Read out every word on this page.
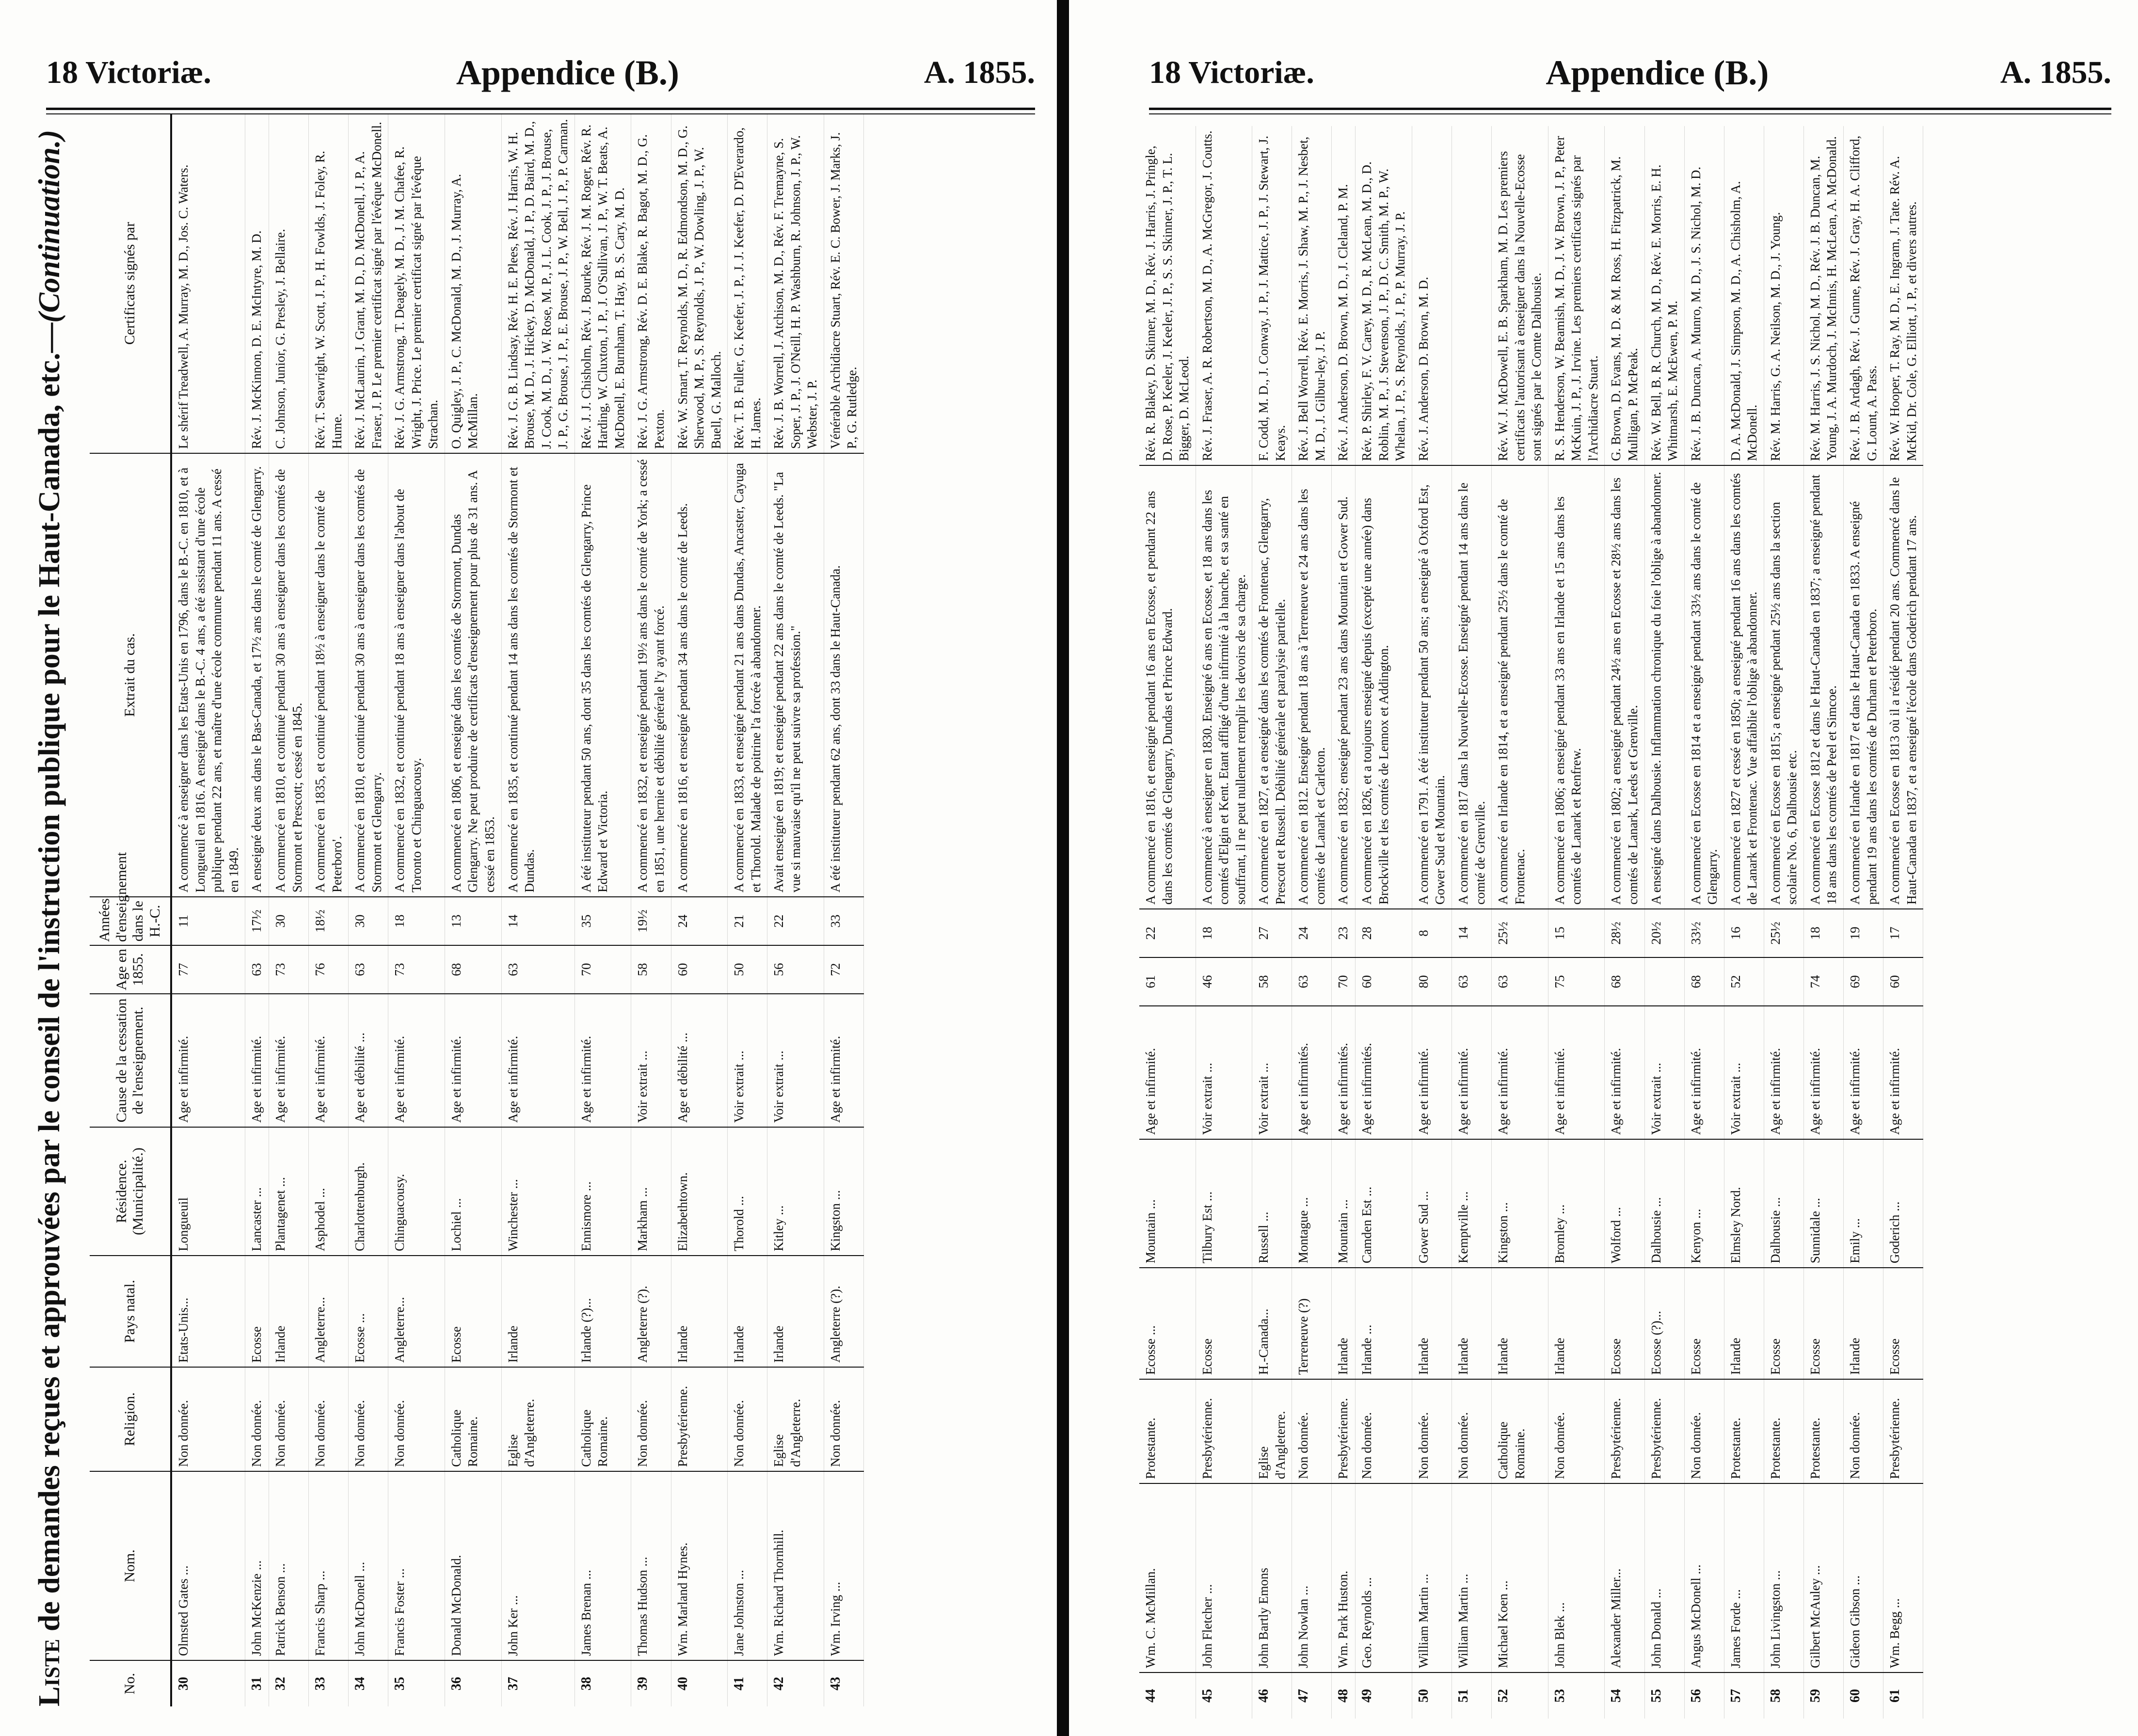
18 Victoriæ.	Appendice (B.)	A. 1855.
Liste de demandes reçues et approuvées par le conseil de l'instruction publique pour le Haut-Canada, etc.—(Continuation.)
No.	Nom.	Religion.	Pays natal.	Résidence. (Municipalité.)	Cause de la cessation de l'enseignement.	Age en 1855.	Années d'enseignement dans le H.-C.	Extrait du cas.	Certificats signés par
30	Olmsted Gates ...	Non donnée.	Etats-Unis...	Longueuil	Age et infirmité.	77	11	A commencé à enseigner dans les Etats-Unis en 1796, dans le B.-C. en 1810, et à Longueuil en 1816. A enseigné dans le B.-C. 4 ans, a été assistant d'une école publique pendant 22 ans, et maître d'une école commune pendant 11 ans. A cessé en 1849.	Le shérif Treadwell, A. Murray, M. D., Jos. C. Waters.
31	John McKenzie ...	Non donnée.	Ecosse	Lancaster ...	Age et infirmité.	63	17½	A enseigné deux ans dans le Bas-Canada, et 17½ ans dans le comté de Glengarry.	Rév. J. McKinnon, D. E. McIntyre, M. D.
32	Patrick Benson ...	Non donnée.	Irlande	Plantagenet ...	Age et infirmité.	73	30	A commencé en 1810, et continué pendant 30 ans à enseigner dans les comtés de Stormont et Prescott; cessé en 1845.	C. Johnson, Junior, G. Presley, J. Bellaire.
33	Francis Sharp ...	Non donnée.	Angleterre...	Asphodel ...	Age et infirmité.	76	18½	A commencé en 1835, et continué pendant 18½ à enseigner dans le comté de Peterboro'.	Rév. T. Seawright, W. Scott, J. P., H. Fowlds, J. Foley, R. Hume.
34	John McDonell ...	Non donnée.	Ecosse ...	Charlottenburgh.	Age et débilité ...	63	30	A commencé en 1810, et continué pendant 30 ans à enseigner dans les comtés de Stormont et Glengarry.	Rév. J. McLaurin, J. Grant, M. D., D. McDonell, J. P., A. Fraser, J. P. Le premier certificat signé par l'évêque McDonell.
35	Francis Foster ...	Non donnée.	Angleterre...	Chinguacousy.	Age et infirmité.	73	18	A commencé en 1832, et continué pendant 18 ans à enseigner dans l'about de Toronto et Chinguacousy.	Rév. J. G. Armstrong, T. Deagely, M. D., J. M. Chafee, R. Wright, J. Price. Le premier certificat signé par l'évêque Strachan.
36	Donald McDonald.	Catholique Romaine.	Ecosse	Lochiel ...	Age et infirmité.	68	13	A commencé en 1806, et enseigné dans les comtés de Stormont, Dundas Glengarry. Ne peut produire de certificats d'enseignement pour plus de 31 ans. A cessé en 1853.	O. Quigley, J. P., C. McDonald, M. D., J. Murray, A. McMillan.
37	John Ker ...	Eglise d'Angleterre.	Irlande	Winchester ...	Age et infirmité.	63	14	A commencé en 1835, et continué pendant 14 ans dans les comtés de Stormont et Dundas.	Rév. J. G. B. Lindsay, Rév. H. E. Plees, Rév. J. Harris, W. H. Brouse, M. D., J. Hickey, D. McDonald, J. P., D. Baird, M. D., J. Cook, M. D., J. W. Rose, M. P., J. L. Cook, J. P., J. Brouse, J. P., G. Brouse, J. P., E. Brouse, J. P., W. Bell, J. P., P. Carman.
38	James Brenan ...	Catholique Romaine.	Irlande (?)...	Ennismore ...	Age et infirmité.	70	35	A été instituteur pendant 50 ans, dont 35 dans les comtés de Glengarry, Prince Edward et Victoria.	Rév. J. J. Chisholm, Rév. J. Bourke, Rév. J. M. Roger, Rév. R. Harding, W. Cluxton, J. P., J. O'Sullivan, J. P., W. T. Beats, A. McDonell, E. Burnham, T. Hay, B. S. Cary, M. D.
39	Thomas Hudson ...	Non donnée.	Angleterre (?).	Markham ...	Voir extrait ...	58	19½	A commencé en 1832, et enseigné pendant 19½ ans dans le comté de York; a cessé en 1851, une hernie et débilité générale l'y ayant forcé.	Rév. J. G. Armstrong, Rév. D. E. Blake, R. Bagot, M. D., G. Pexton.
40	Wm. Marland Hynes.	Presbytérienne.	Irlande	Elizabethtown.	Age et débilité ...	60	24	A commencé en 1816, et enseigné pendant 34 ans dans le comté de Leeds.	Rév. W. Smart, T. Reynolds, M. D., R. Edmondson, M. D., G. Sherwood, M. P., S. Reynolds, J. P., W. Dowling, J. P., W. Buell, G. Malloch.
41	Jane Johnston ...	Non donnée.	Irlande	Thorold ...	Voir extrait ...	50	21	A commencé en 1833, et enseigné pendant 21 ans dans Dundas, Ancaster, Cayuga et Thorold. Malade de poitrine l'a forcée à abandonner.	Rév. T. B. Fuller, G. Keefer, J. P., J. J. Keefer, D. D'Everardo, H. James.
42	Wm. Richard Thornhill.	Eglise d'Angleterre.	Irlande	Kitley ...	Voir extrait ...	56	22	Avait enseigné en 1819; et enseigné pendant 22 ans dans le comté de Leeds. "La vue si mauvaise qu'il ne peut suivre sa profession."	Rév. J. B. Worrell, J. Atchison, M. D., Rév. F. Tremayne, S. Soper, J. P., J. O'Neill, H. P. Washburn, R. Johnson, J. P., W. Webster, J. P.
43	Wm. Irving ...	Non donnée.	Angleterre (?).	Kingston ...	Age et infirmité.	72	33	A été instituteur pendant 62 ans, dont 33 dans le Haut-Canada.	Vénérable Archidiacre Stuart, Rév. E. C. Bower, J. Marks, J. P., G. Rutledge.
18 Victoriæ.	Appendice (B.)	A. 1855.
44	Wm. C. McMillan.	Protestante.	Ecosse ...	Mountain ...	Age et infirmité.	61	22	A commencé en 1816, et enseigné pendant 16 ans en Ecosse, et pendant 22 ans dans les comtés de Glengarry, Dundas et Prince Edward.	Rév. R. Blakey, D. Skinner, M. D., Rév. J. Harris, J. Pringle, D. Rose, P. Keeler, J. Keeler, J. P., S. S. Skinner, J. P., T. L. Bigger, D. McLeod.
45	John Fletcher ...	Presbytérienne.	Ecosse	Tilbury Est ...	Voir extrait ...	46	18	A commencé à enseigner en 1830. Enseigné 6 ans en Ecosse, et 18 ans dans les comtés d'Elgin et Kent. Etant affligé d'une infirmité à la hanche, et sa santé en souffrant, il ne peut nullement remplir les devoirs de sa charge.	Rév. J. Fraser, A. R. Robertson, M. D., A. McGregor, J. Coutts.
46	John Bartly Emons	Eglise d'Angleterre.	H.-Canada...	Russell ...	Voir extrait ...	58	27	A commencé en 1827, et a enseigné dans les comtés de Frontenac, Glengarry, Prescott et Russell. Débilité générale et paralysie partielle.	F. Codd, M. D., J. Conway, J. P., J. Mattice, J. P., J. Stewart, J. Keays.
47	John Nowlan ...	Non donnée.	Terreneuve (?)	Montague ...	Age et infirmités.	63	24	A commencé en 1812. Enseigné pendant 18 ans à Terreneuve et 24 ans dans les comtés de Lanark et Carleton.	Rév. J. Bell Worrell, Rév. E. Morris, J. Shaw, M. P., J. Nesbet, M. D., J. Gilbur-ley, J. P.
48	Wm. Park Huston.	Presbytérienne.	Irlande	Mountain ...	Age et infirmités.	70	23	A commencé en 1832; enseigné pendant 23 ans dans Mountain et Gower Sud.	Rév. J. Anderson, D. Brown, M. D., J. Cleland, P. M.
49	Geo. Reynolds ...	Non donnée.	Irlande ...	Camden Est ...	Age et infirmités.	60	28	A commencé en 1826, et a toujours enseigné depuis (excepté une année) dans Brockville et les comtés de Lennox et Addington.	Rév. P. Shirley, F. V. Carey, M. D., R. McLean, M. D., D. Roblin, M. P., J. Stevenson, J. P., D. C. Smith, M. P., W. Whelan, J. P., S. Reynolds, J. P., P. Murray, J. P.
50	William Martin ...	Non donnée.	Irlande	Gower Sud ...	Age et infirmité.	80	8	A commencé en 1791. A été instituteur pendant 50 ans; a enseigné à Oxford Est, Gower Sud et Mountain.	Rév. J. Anderson, D. Brown, M. D.
51	William Martin ...	Non donnée.	Irlande	Kemptville ...	Age et infirmité.	63	14	A commencé en 1817 dans la Nouvelle-Ecosse. Enseigné pendant 14 ans dans le comté de Grenville.	
52	Michael Koen ...	Catholique Romaine.	Irlande	Kingston ...	Age et infirmité.	63	25½	A commencé en Irlande en 1814, et a enseigné pendant 25½ dans le comté de Frontenac.	Rév. W. J. McDowell, E. B. Sparkham, M. D. Les premiers certificats l'autorisant à enseigner dans la Nouvelle-Ecosse sont signés par le Comte Dalhousie.
53	John Blek ...	Non donnée.	Irlande	Bromley ...	Age et infirmité.	75	15	A commencé en 1806; a enseigné pendant 33 ans en Irlande et 15 ans dans les comtés de Lanark et Renfrew.	R. S. Henderson, W. Beamish, M. D., J. W. Brown, J. P., Peter McKuin, J. P., J. Irvine. Les premiers certificats signés par l'Archidiacre Stuart.
54	Alexander Miller...	Presbytérienne.	Ecosse	Wolford ...	Age et infirmité.	68	28½	A commencé en 1802; a enseigné pendant 24½ ans en Ecosse et 28½ ans dans les comtés de Lanark, Leeds et Grenville.	G. Brown, D. Evans, M. D. & M. Ross, H. Fitzpatrick, M. Mulligan, P. McPeak.
55	John Donald ...	Presbytérienne.	Ecosse (?)...	Dalhousie ...	Voir extrait ...		20½	A enseigné dans Dalhousie. Inflammation chronique du foie l'oblige à abandonner.	Rév. W. Bell, B. R. Church, M. D., Rév. E. Morris, E. H. Whitmarsh, E. McEwen, P. M.
56	Angus McDonell ...	Non donnée.	Ecosse	Kenyon ...	Age et infirmité.	68	33½	A commencé en Ecosse en 1814 et a enseigné pendant 33½ ans dans le comté de Glengarry.	Rév. J. B. Duncan, A. Munro, M. D., J. S. Nichol, M. D.
57	James Forde ...	Protestante.	Irlande	Elmsley Nord.	Voir extrait ...	52	16	A commencé en 1827 et cessé en 1850; a enseigné pendant 16 ans dans les comtés de Lanark et Frontenac. Vue affaiblie l'oblige à abandonner.	D. A. McDonald, J. Simpson, M. D., A. Chisholm, A. McDonell.
58	John Livingston ...	Protestante.	Ecosse	Dalhousie ...	Age et infirmité.		25½	A commencé en Ecosse en 1815; a enseigné pendant 25½ ans dans la section scolaire No. 6, Dalhousie etc.	Rév. M. Harris, G. A. Neilson, M. D., J. Young.
59	Gilbert McAuley ...	Protestante.	Ecosse	Sunnidale ...	Age et infirmité.	74	18	A commencé en Ecosse 1812 et dans le Haut-Canada en 1837; a enseigné pendant 18 ans dans les comtés de Peel et Simcoe.	Rév. M. Harris, J. S. Nichol, M. D., Rév. J. B. Duncan, M. Young, J. A. Murdoch, J. McInnis, H. McLean, A. McDonald.
60	Gideon Gibson ...	Non donnée.	Irlande	Emily ...	Age et infirmité.	69	19	A commencé en Irlande en 1817 et dans le Haut-Canada en 1833. A enseigné pendant 19 ans dans les comtés de Durham et Peterboro.	Rév. J. B. Ardagh, Rév. J. Gunne, Rév. J. Gray, H. A. Clifford, G. Lount, A. Pass.
61	Wm. Begg ...	Presbytérienne.	Ecosse	Goderich ...	Age et infirmité.	60	17	A commencé en Ecosse en 1813 où il a résidé pendant 20 ans. Commencé dans le Haut-Canada en 1837, et a enseigné l'école dans Goderich pendant 17 ans.	Rév. W. Hooper, T. Ray, M. D., E. Ingram, J. Tate. Rév. A. McKid, Dr. Cole, G. Elliott, J. P., et divers autres.
